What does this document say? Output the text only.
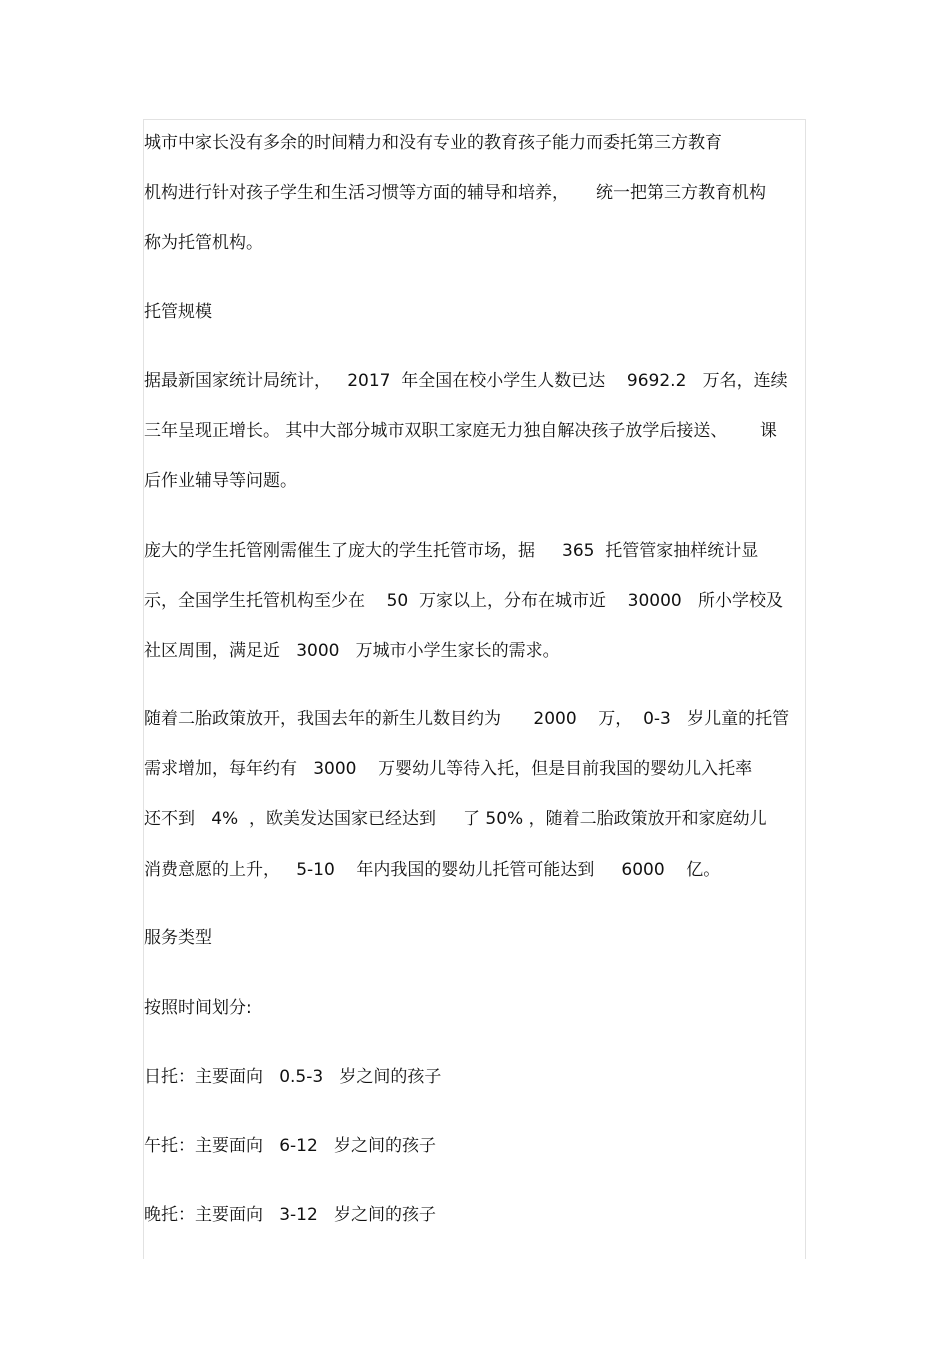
城市中家长没有多余的时间精力和没有专业的教育孩子能力而委托第三方教育
机构进行针对孩子学生和生活习惯等方面的辅导和培养，     统一把第三方教育机构
称为托管机构。
托管规模
据最新国家统计局统计，   2017  年全国在校小学生人数已达    9692.2   万名，连续
三年呈现正增长。 其中大部分城市双职工家庭无力独自解决孩子放学后接送、      课
后作业辅导等问题。
庞大的学生托管刚需催生了庞大的学生托管市场，据     365  托管管家抽样统计显
示，全国学生托管机构至少在    50  万家以上，分布在城市近    30000   所小学校及
社区周围，满足近   3000   万城市小学生家长的需求。
随着二胎政策放开，我国去年的新生儿数目约为      2000    万，  0-3   岁儿童的托管
需求增加，每年约有   3000    万婴幼儿等待入托，但是目前我国的婴幼儿入托率
还不到   4%  ，欧美发达国家已经达到     了 50% ，随着二胎政策放开和家庭幼儿
消费意愿的上升，   5-10    年内我国的婴幼儿托管可能达到     6000    亿。
服务类型
按照时间划分:
日托：主要面向   0.5-3   岁之间的孩子
午托：主要面向   6-12   岁之间的孩子
晚托：主要面向   3-12   岁之间的孩子
